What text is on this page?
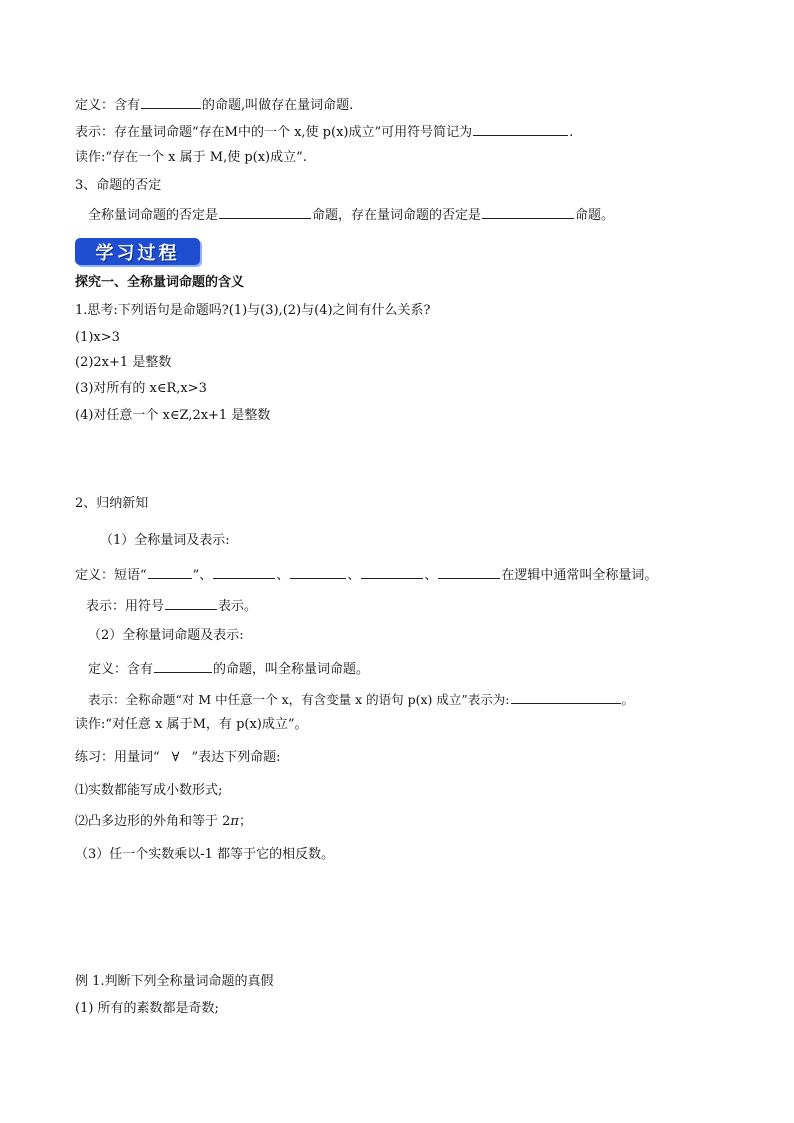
定义：含有	的命题,叫做存在量词命题.
表示：存在量词命题“存在M中的一个 x,使 p(x)成立”可用符号简记为	.
读作:“存在一个 x 属于 M,使 p(x)成立”.
3、命题的否定
全称量词命题的否定是	命题，存在量词命题的否定是	命题。
学习过程
探究一、全称量词命题的含义
1.思考:下列语句是命题吗?(1)与(3),(2)与(4)之间有什么关系?
(1)x>3
(2)2x+1 是整数
(3)对所有的 x∈R,x>3
(4)对任意一个 x∈Z,2x+1 是整数
2、归纳新知
（1）全称量词及表示:
定义：短语“	”、	、	、	、	在逻辑中通常叫全称量词。
表示：用符号	表示。
（2）全称量词命题及表示:
定义：含有	的命题，叫全称量词命题。
表示：全称命题“对 M 中任意一个 x，有含变量 x 的语句 p(x) 成立”表示为:	。
读作:“对任意 x 属于M，有 p(x)成立”。
练习：用量词“ ∀ ”表达下列命题:
⑴实数都能写成小数形式;
⑵凸多边形的外角和等于 2π；
（3）任一个实数乘以-1 都等于它的相反数。
例 1.判断下列全称量词命题的真假
(1) 所有的素数都是奇数;
